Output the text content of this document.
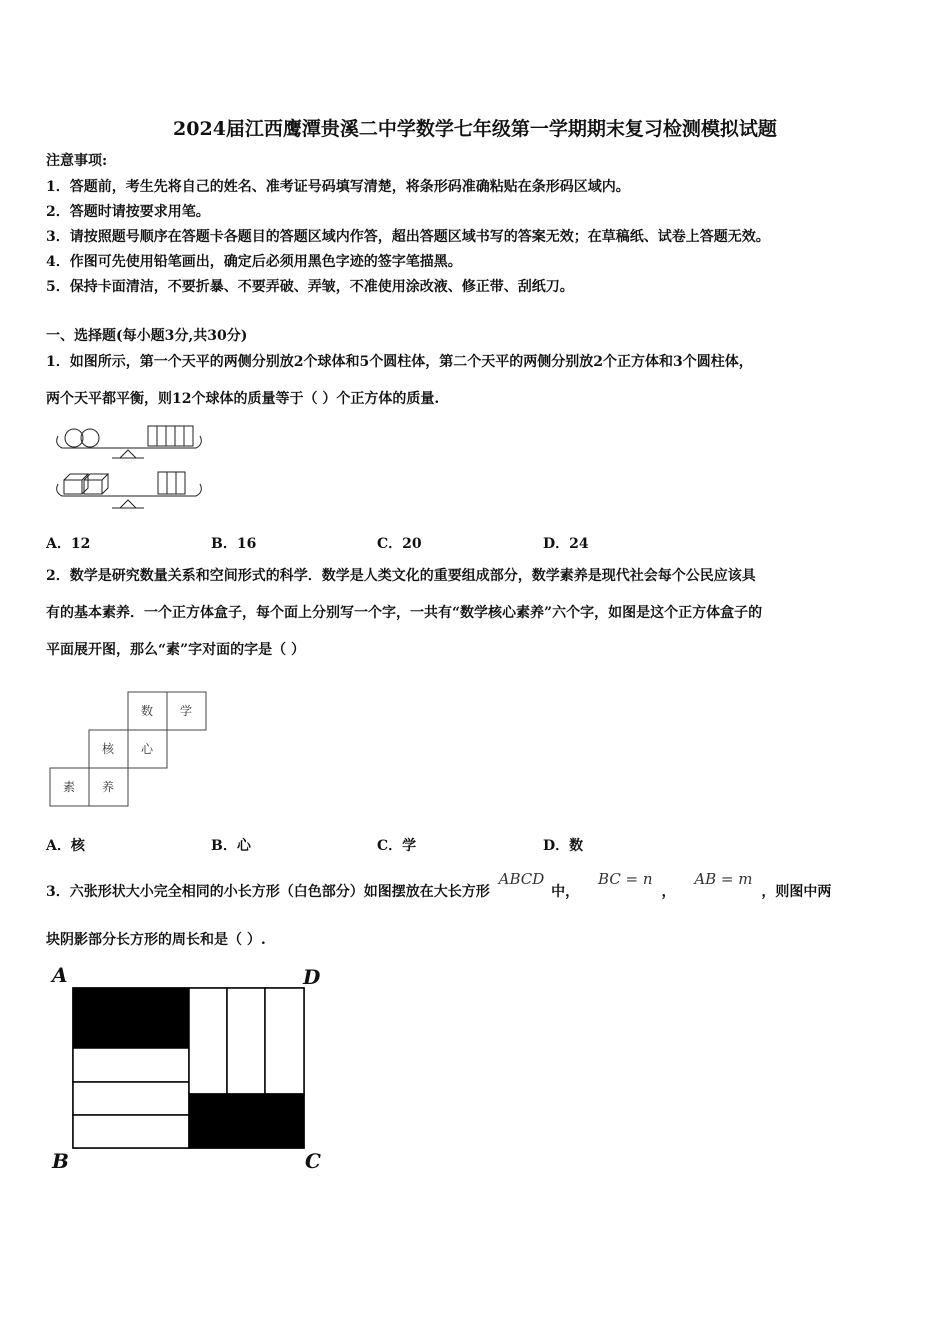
2024届江西鹰潭贵溪二中学数学七年级第一学期期末复习检测模拟试题
注意事项:
1．答题前，考生先将自己的姓名、准考证号码填写清楚，将条形码准确粘贴在条形码区域内。
2．答题时请按要求用笔。
3．请按照题号顺序在答题卡各题目的答题区域内作答，超出答题区域书写的答案无效；在草稿纸、试卷上答题无效。
4．作图可先使用铅笔画出，确定后必须用黑色字迹的签字笔描黑。
5．保持卡面清洁，不要折暴、不要弄破、弄皱，不准使用涂改液、修正带、刮纸刀。
一、选择题(每小题3分,共30分)
1．如图所示，第一个天平的两侧分别放2个球体和5个圆柱体，第二个天平的两侧分别放2个正方体和3个圆柱体，
两个天平都平衡，则12个球体的质量等于（ ）个正方体的质量.
A．12	B．16	C．20	D．24
2．数学是研究数量关系和空间形式的科学．数学是人类文化的重要组成部分，数学素养是现代社会每个公民应该具
有的基本素养．一个正方体盒子，每个面上分别写一个字，一共有“数学核心素养”六个字，如图是这个正方体盒子的
平面展开图，那么“素”字对面的字是（ ）
数 学
核 心
素 养
A．核	B．心	C．学	D．数
3．六张形状大小完全相同的小长方形（白色部分）如图摆放在大长方形 ABCD 中， BC = n ， AB = m ，则图中两
块阴影部分长方形的周长和是（ ）.
A	D
B	C
